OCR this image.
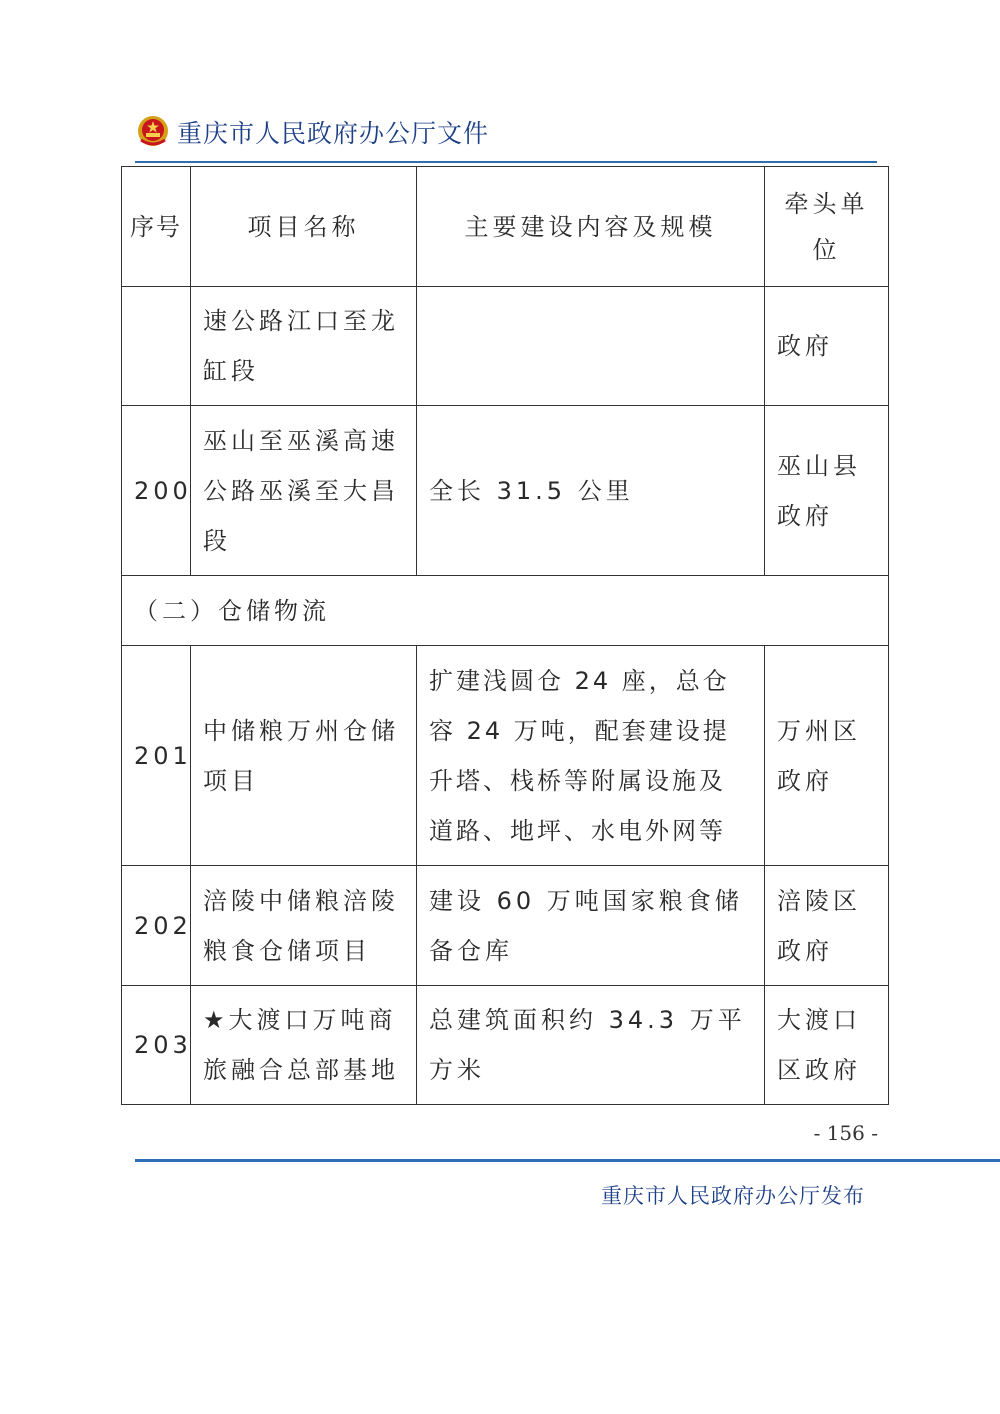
重庆市人民政府办公厅文件
序号	项目名称	主要建设内容及规模	牵头单位
	速公路江口至龙缸段		政府
200	巫山至巫溪高速公路巫溪至大昌段	全长 31.5 公里	巫山县政府
（二）仓储物流			
201	中储粮万州仓储项目	扩建浅圆仓 24 座，总仓容 24 万吨，配套建设提升塔、栈桥等附属设施及道路、地坪、水电外网等	万州区政府
202	涪陵中储粮涪陵粮食仓储项目	建设 60 万吨国家粮食储备仓库	涪陵区政府
203	★大渡口万吨商旅融合总部基地	总建筑面积约 34.3 万平方米	大渡口区政府
- 156 -
重庆市人民政府办公厅发布
